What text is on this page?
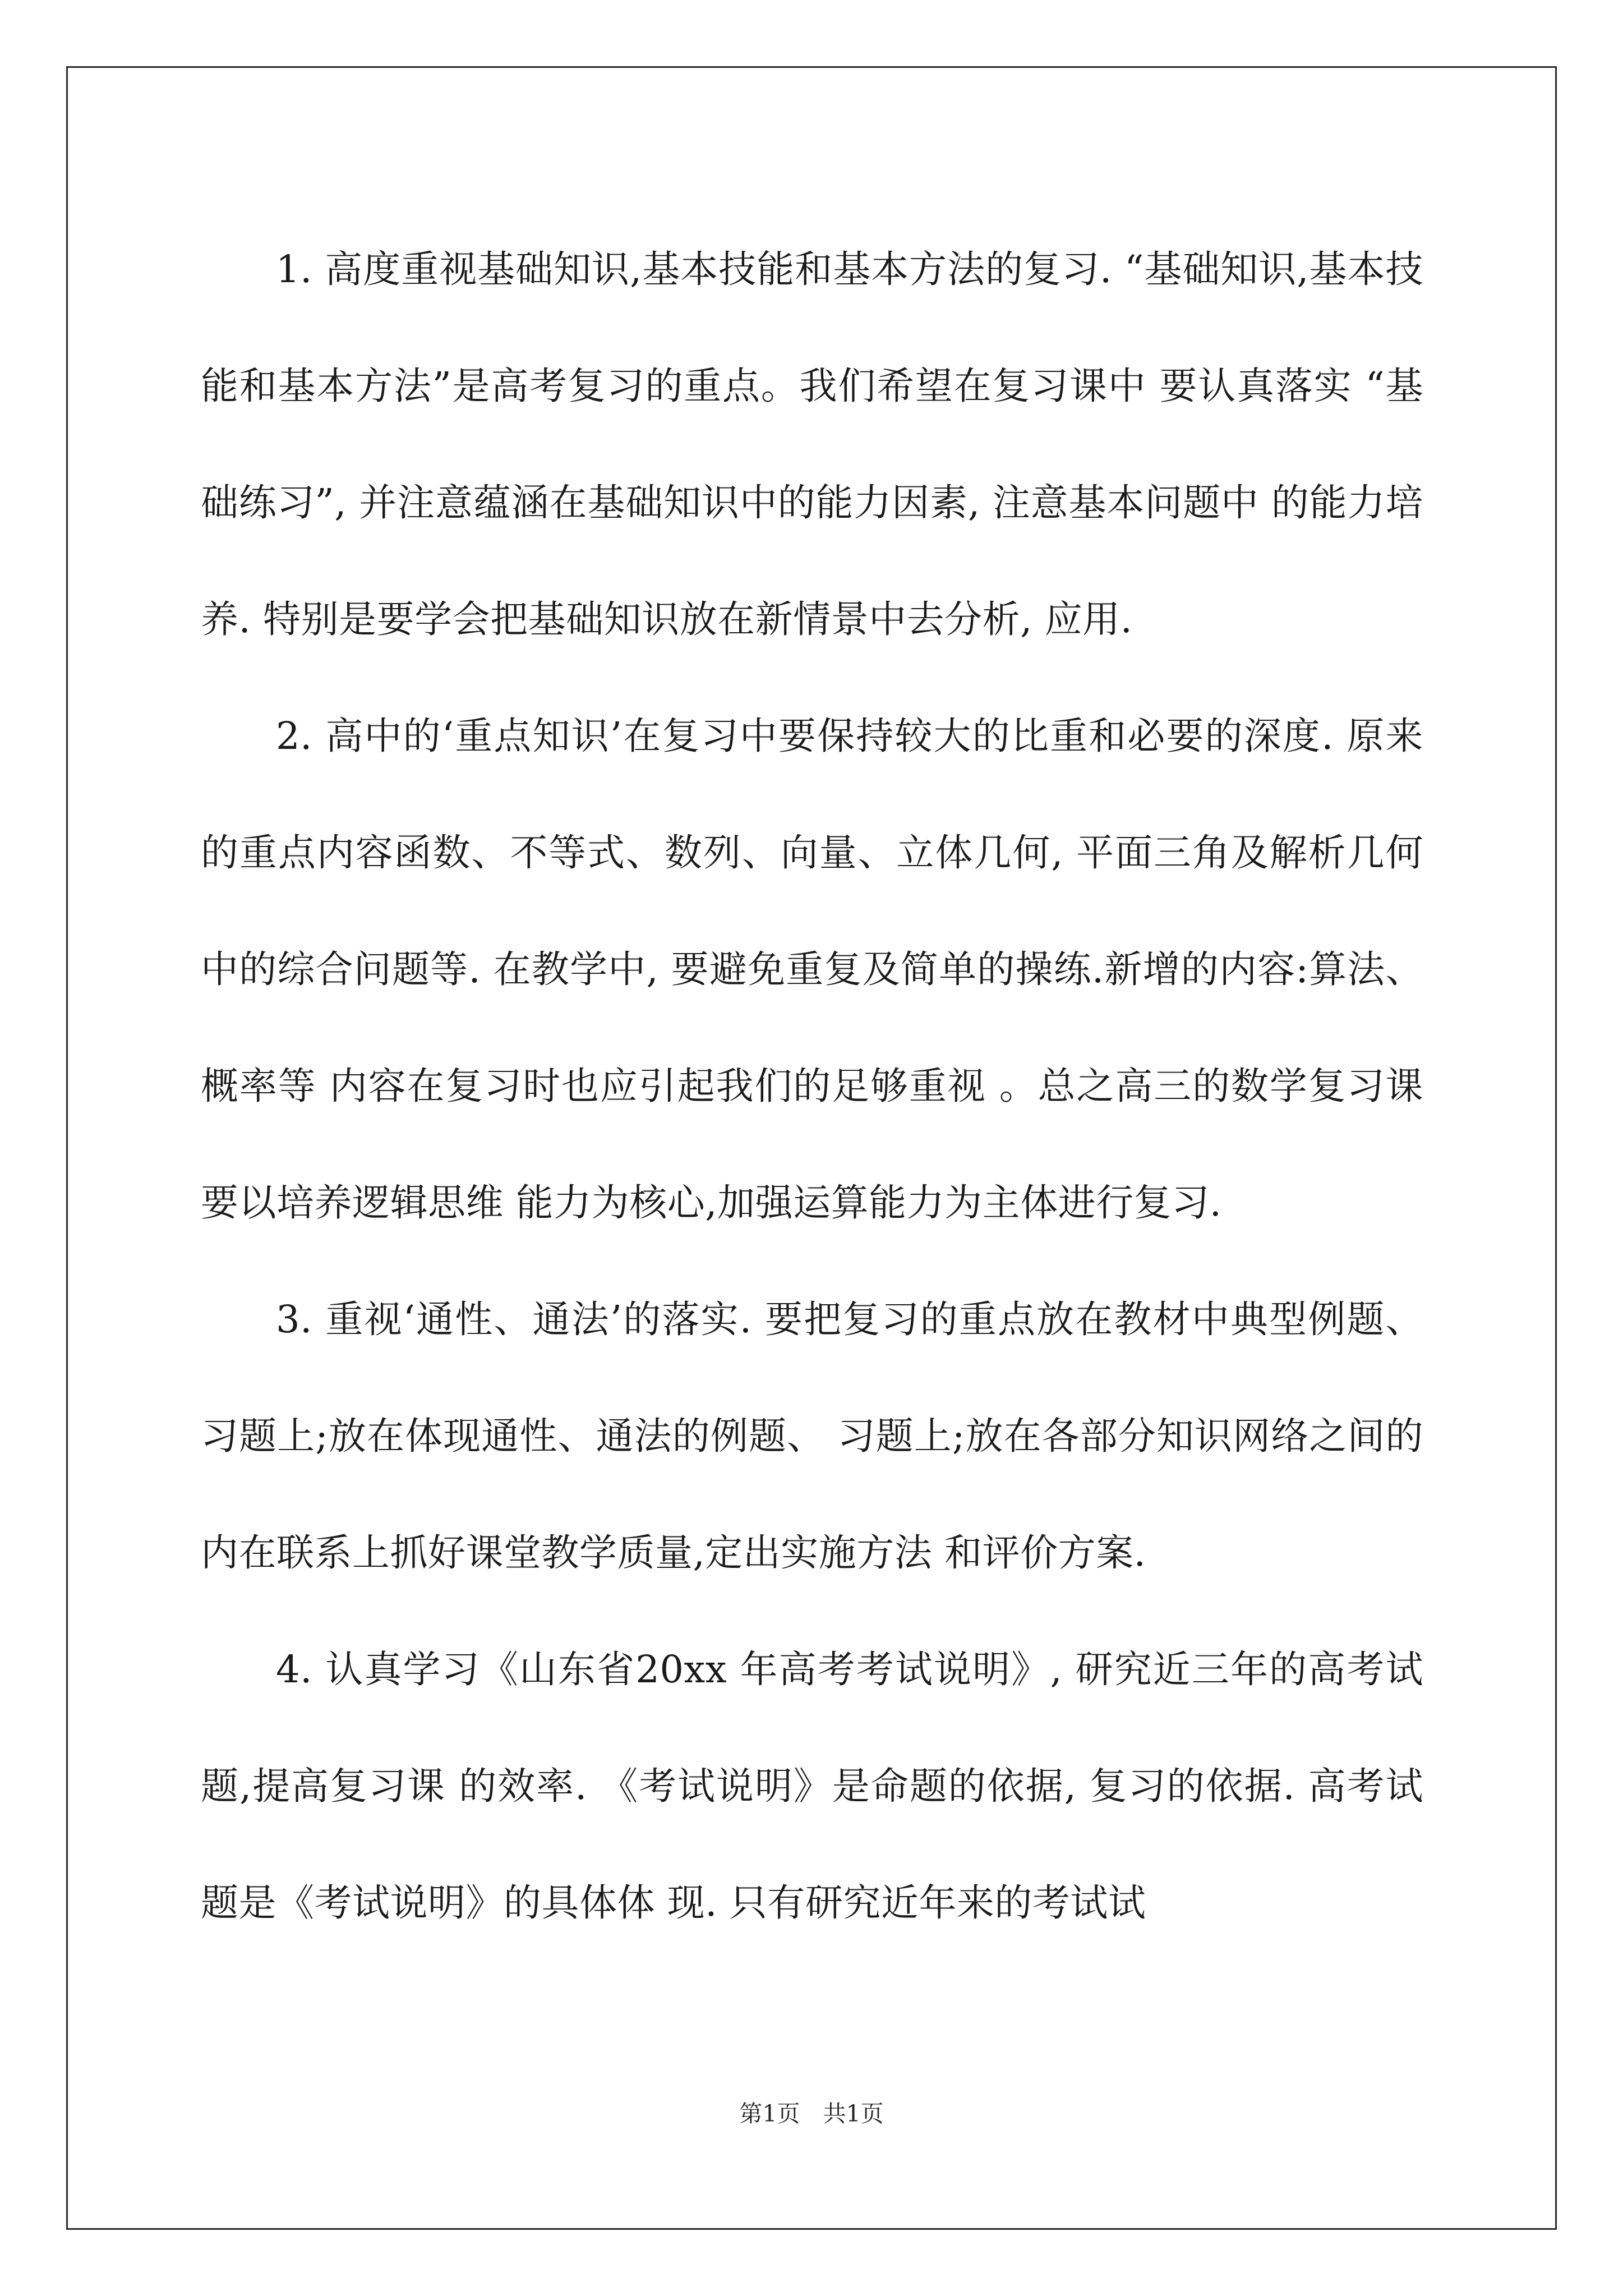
1. 高度重视基础知识,基本技能和基本方法的复习. “基础知识,基本技能和基本方法”是高考复习的重点。我们希望在复习课中 要认真落实 “基础练习”, 并注意蕴涵在基础知识中的能力因素, 注意基本问题中 的能力培养. 特别是要学会把基础知识放在新情景中去分析, 应用.

2. 高中的‘重点知识’在复习中要保持较大的比重和必要的深度. 原来的重点内容函数、不等式、数列、向量、立体几何, 平面三角及解析几何 中的综合问题等. 在教学中, 要避免重复及简单的操练.新增的内容:算法、概率等 内容在复习时也应引起我们的足够重视 。总之高三的数学复习课要以培养逻辑思维 能力为核心,加强运算能力为主体进行复习.

3. 重视‘通性、通法’的落实. 要把复习的重点放在教材中典型例题、习题上;放在体现通性、通法的例题、 习题上;放在各部分知识网络之间的内在联系上抓好课堂教学质量,定出实施方法 和评价方案.

4. 认真学习《山东省20xx 年高考考试说明》, 研究近三年的高考试题,提高复习课 的效率. 《考试说明》是命题的依据, 复习的依据. 高考试题是《考试说明》的具体体 现. 只有研究近年来的考试试

第1页　共1页
